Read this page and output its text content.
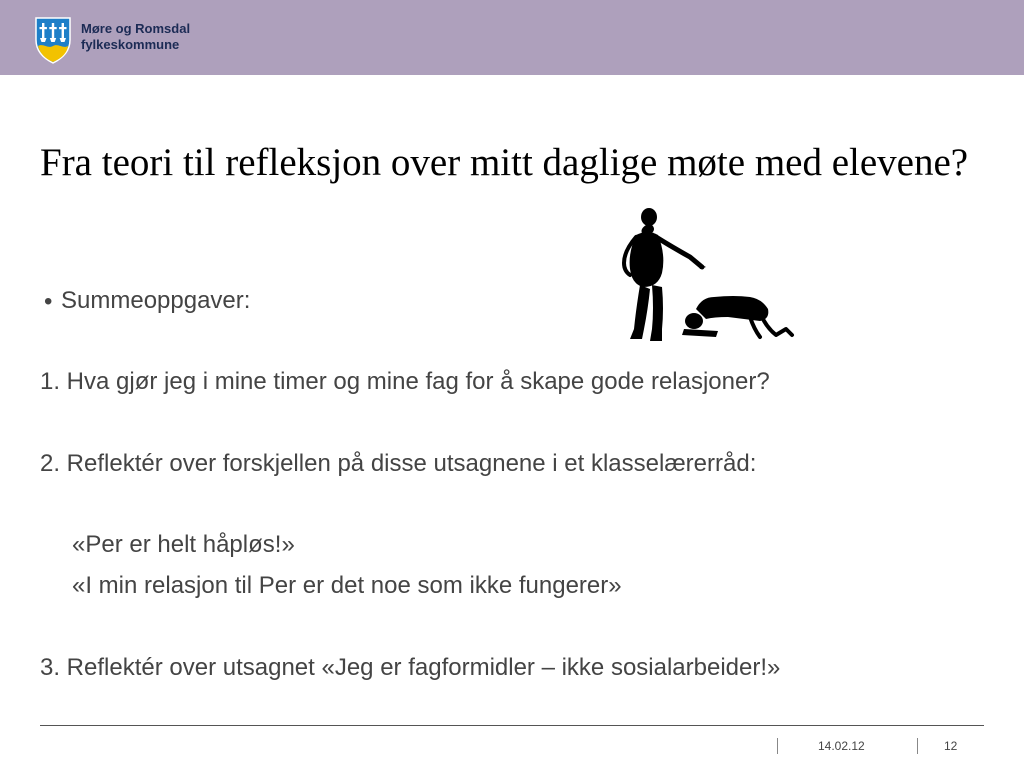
Møre og Romsdal
fylkeskommune
Fra teori til refleksjon over mitt daglige møte med elevene?
• Summeoppgaver:
1. Hva gjør jeg i mine timer og mine fag for å skape gode relasjoner?
2. Reflektér over forskjellen på disse utsagnene i et klasselærerråd:
«Per er helt håpløs!»
«I min relasjon til Per er det noe som ikke fungerer»
3. Reflektér over utsagnet «Jeg er fagformidler – ikke sosialarbeider!»
14.02.12	12
